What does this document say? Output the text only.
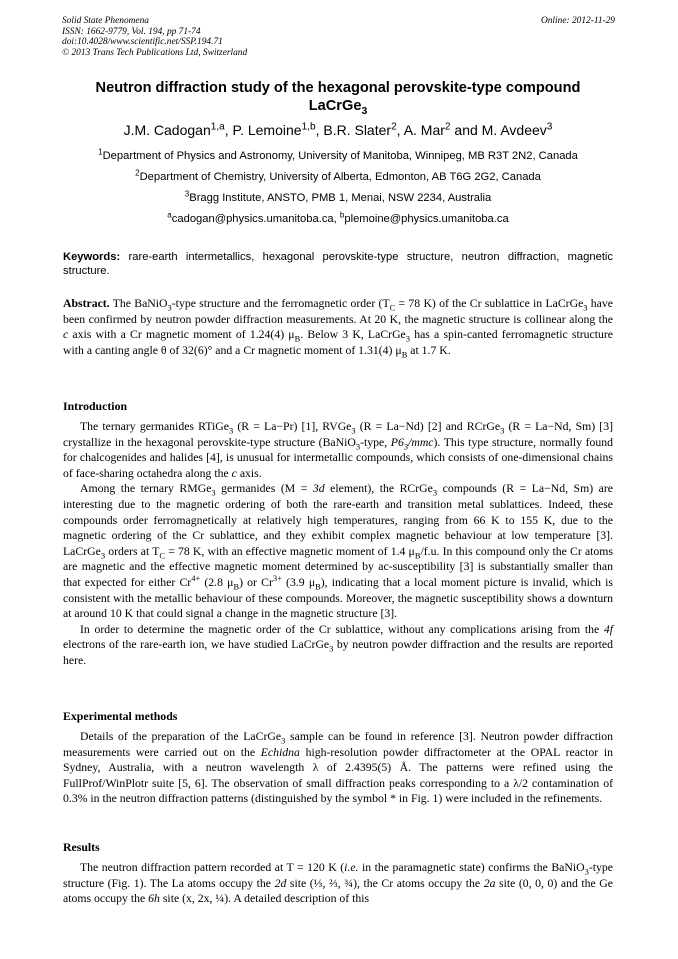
Solid State Phenomena
ISSN: 1662-9779, Vol. 194, pp 71-74
doi:10.4028/www.scientific.net/SSP.194.71
© 2013 Trans Tech Publications Ltd, Switzerland
Online: 2012-11-29
Neutron diffraction study of the hexagonal perovskite-type compound
LaCrGe$_3$
J.M. Cadogan$^{1,a}$, P. Lemoine$^{1,b}$, B.R. Slater$^2$, A. Mar$^2$ and M. Avdeev$^3$
$^1$Department of Physics and Astronomy, University of Manitoba, Winnipeg, MB R3T 2N2, Canada
$^2$Department of Chemistry, University of Alberta, Edmonton, AB T6G 2G2, Canada
$^3$Bragg Institute, ANSTO, PMB 1, Menai, NSW 2234, Australia
$^a$cadogan@physics.umanitoba.ca, $^b$plemoine@physics.umanitoba.ca
Keywords: rare-earth intermetallics, hexagonal perovskite-type structure, neutron diffraction, magnetic structure.

Abstract. The BaNiO$_3$-type structure and the ferromagnetic order ($T_C = 78$ K) of the Cr sublattice in LaCrGe$_3$ have been confirmed by neutron powder diffraction measurements. At 20 K, the magnetic structure is collinear along the c axis with a Cr magnetic moment of 1.24(4) $\mu_B$. Below 3 K, LaCrGe$_3$ has a spin-canted ferromagnetic structure with a canting angle θ of 32(6)° and a Cr magnetic moment of 1.31(4) $\mu_B$ at 1.7 K.

Introduction

The ternary germanides RTiGe$_3$ (R = La−Pr) [1], RVGe$_3$ (R = La−Nd) [2] and RCrGe$_3$ (R = La−Nd, Sm) [3] crystallize in the hexagonal perovskite-type structure (BaNiO$_3$-type, $P6_3/mmc$). This type structure, normally found for chalcogenides and halides [4], is unusual for intermetallic compounds, which consists of one-dimensional chains of face-sharing octahedra along the c axis.

Among the ternary RMGe$_3$ germanides (M = 3d element), the RCrGe$_3$ compounds (R = La−Nd, Sm) are interesting due to the magnetic ordering of both the rare-earth and transition metal sublattices. Indeed, these compounds order ferromagnetically at relatively high temperatures, ranging from 66 K to 155 K, due to the magnetic ordering of the Cr sublattice, and they exhibit complex magnetic behaviour at low temperature [3]. LaCrGe$_3$ orders at $T_C = 78$ K, with an effective magnetic moment of 1.4 $\mu_B/f.u$. In this compound only the Cr atoms are magnetic and the effective magnetic moment determined by ac-susceptibility [3] is substantially smaller than that expected for either $Cr^{4+}$ (2.8 $\mu_B$) or $Cr^{3+}$ (3.9 $\mu_B$), indicating that a local moment picture is invalid, which is consistent with the metallic behaviour of these compounds. Moreover, the magnetic susceptibility shows a downturn at around 10 K that could signal a change in the magnetic structure [3].

In order to determine the magnetic order of the Cr sublattice, without any complications arising from the 4f electrons of the rare-earth ion, we have studied LaCrGe$_3$ by neutron powder diffraction and the results are reported here.

Experimental methods

Details of the preparation of the LaCrGe$_3$ sample can be found in reference [3]. Neutron powder diffraction measurements were carried out on the Echidna high-resolution powder diffractometer at the OPAL reactor in Sydney, Australia, with a neutron wavelength λ of 2.4395(5) Å. The patterns were refined using the FullProf/WinPlotr suite [5, 6]. The observation of small diffraction peaks corresponding to a λ/2 contamination of 0.3% in the neutron diffraction patterns (distinguished by the symbol * in Fig. 1) were included in the refinements.

Results

The neutron diffraction pattern recorded at T = 120 K (i.e. in the paramagnetic state) confirms the BaNiO$_3$-type structure (Fig. 1). The La atoms occupy the 2d site (⅓, ⅔, ¾), the Cr atoms occupy the 2a site (0, 0, 0) and the Ge atoms occupy the 6h site (x, 2x, ¼). A detailed description of this
